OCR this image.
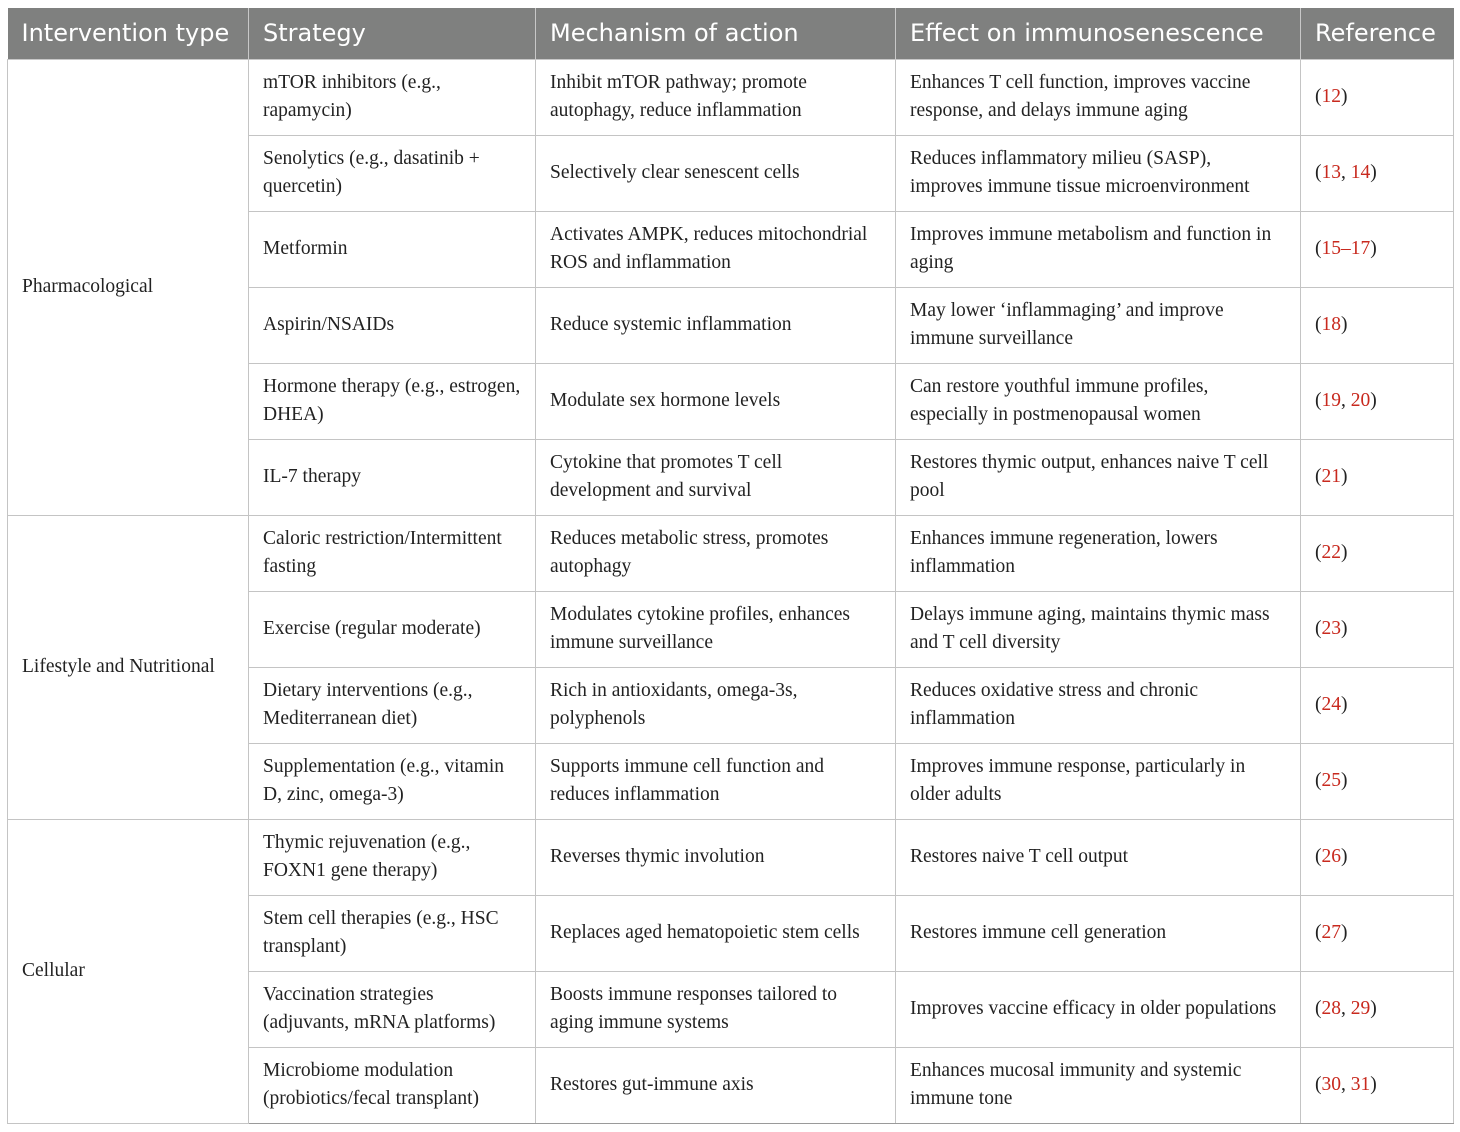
Intervention type	Strategy	Mechanism of action	Effect on immunosenescence	Reference
Pharmacological	mTOR inhibitors (e.g., rapamycin)	Inhibit mTOR pathway; promote autophagy, reduce inflammation	Enhances T cell function, improves vaccine response, and delays immune aging	(12)
	Senolytics (e.g., dasatinib + quercetin)	Selectively clear senescent cells	Reduces inflammatory milieu (SASP), improves immune tissue microenvironment	(13, 14)
	Metformin	Activates AMPK, reduces mitochondrial ROS and inflammation	Improves immune metabolism and function in aging	(15–17)
	Aspirin/NSAIDs	Reduce systemic inflammation	May lower ‘inflammaging’ and improve immune surveillance	(18)
	Hormone therapy (e.g., estrogen, DHEA)	Modulate sex hormone levels	Can restore youthful immune profiles, especially in postmenopausal women	(19, 20)
	IL-7 therapy	Cytokine that promotes T cell development and survival	Restores thymic output, enhances naive T cell pool	(21)
Lifestyle and Nutritional	Caloric restriction/Intermittent fasting	Reduces metabolic stress, promotes autophagy	Enhances immune regeneration, lowers inflammation	(22)
	Exercise (regular moderate)	Modulates cytokine profiles, enhances immune surveillance	Delays immune aging, maintains thymic mass and T cell diversity	(23)
	Dietary interventions (e.g., Mediterranean diet)	Rich in antioxidants, omega-3s, polyphenols	Reduces oxidative stress and chronic inflammation	(24)
	Supplementation (e.g., vitamin D, zinc, omega-3)	Supports immune cell function and reduces inflammation	Improves immune response, particularly in older adults	(25)
Cellular	Thymic rejuvenation (e.g., FOXN1 gene therapy)	Reverses thymic involution	Restores naive T cell output	(26)
	Stem cell therapies (e.g., HSC transplant)	Replaces aged hematopoietic stem cells	Restores immune cell generation	(27)
	Vaccination strategies (adjuvants, mRNA platforms)	Boosts immune responses tailored to aging immune systems	Improves vaccine efficacy in older populations	(28, 29)
	Microbiome modulation (probiotics/fecal transplant)	Restores gut-immune axis	Enhances mucosal immunity and systemic immune tone	(30, 31)
